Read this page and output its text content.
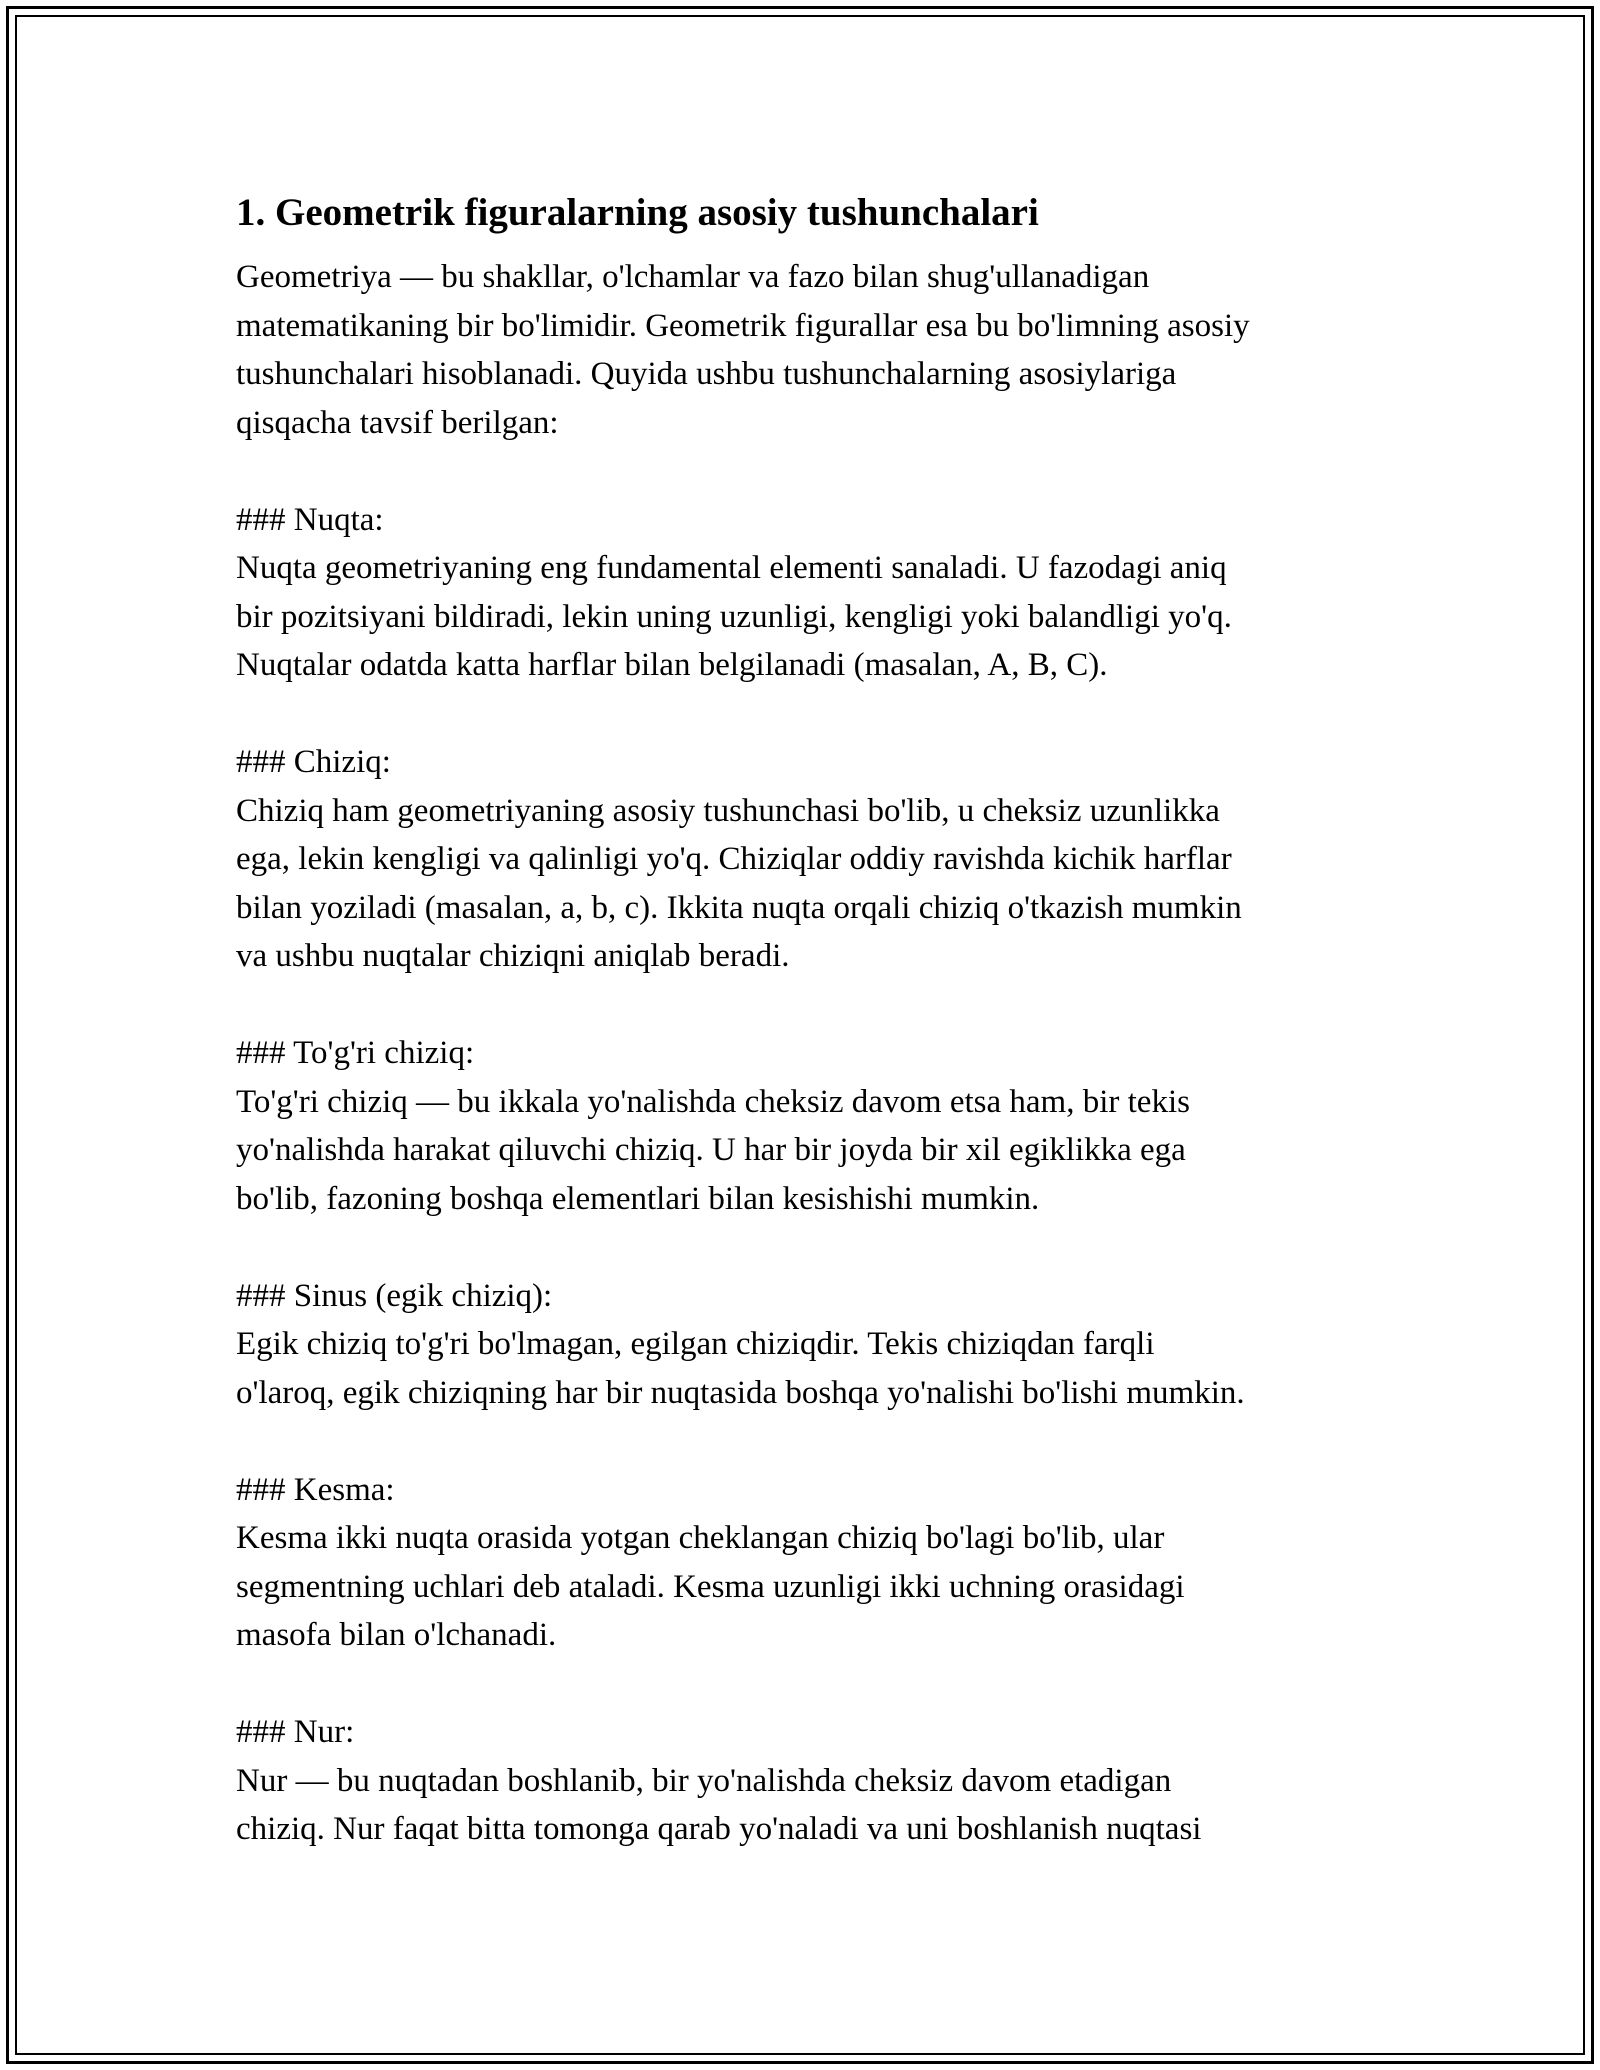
1. Geometrik figuralarning asosiy tushunchalari
Geometriya — bu shakllar, o'lchamlar va fazo bilan shug'ullanadigan
matematikaning bir bo'limidir. Geometrik figurallar esa bu bo'limning asosiy
tushunchalari hisoblanadi. Quyida ushbu tushunchalarning asosiylariga
qisqacha tavsif berilgan:
### Nuqta:
Nuqta geometriyaning eng fundamental elementi sanaladi. U fazodagi aniq
bir pozitsiyani bildiradi, lekin uning uzunligi, kengligi yoki balandligi yo'q.
Nuqtalar odatda katta harflar bilan belgilanadi (masalan, A, B, C).
### Chiziq:
Chiziq ham geometriyaning asosiy tushunchasi bo'lib, u cheksiz uzunlikka
ega, lekin kengligi va qalinligi yo'q. Chiziqlar oddiy ravishda kichik harflar
bilan yoziladi (masalan, a, b, c). Ikkita nuqta orqali chiziq o'tkazish mumkin
va ushbu nuqtalar chiziqni aniqlab beradi.
### To'g'ri chiziq:
To'g'ri chiziq — bu ikkala yo'nalishda cheksiz davom etsa ham, bir tekis
yo'nalishda harakat qiluvchi chiziq. U har bir joyda bir xil egiklikka ega
bo'lib, fazoning boshqa elementlari bilan kesishishi mumkin.
### Sinus (egik chiziq):
Egik chiziq to'g'ri bo'lmagan, egilgan chiziqdir. Tekis chiziqdan farqli
o'laroq, egik chiziqning har bir nuqtasida boshqa yo'nalishi bo'lishi mumkin.
### Kesma:
Kesma ikki nuqta orasida yotgan cheklangan chiziq bo'lagi bo'lib, ular
segmentning uchlari deb ataladi. Kesma uzunligi ikki uchning orasidagi
masofa bilan o'lchanadi.
### Nur:
Nur — bu nuqtadan boshlanib, bir yo'nalishda cheksiz davom etadigan
chiziq. Nur faqat bitta tomonga qarab yo'naladi va uni boshlanish nuqtasi
